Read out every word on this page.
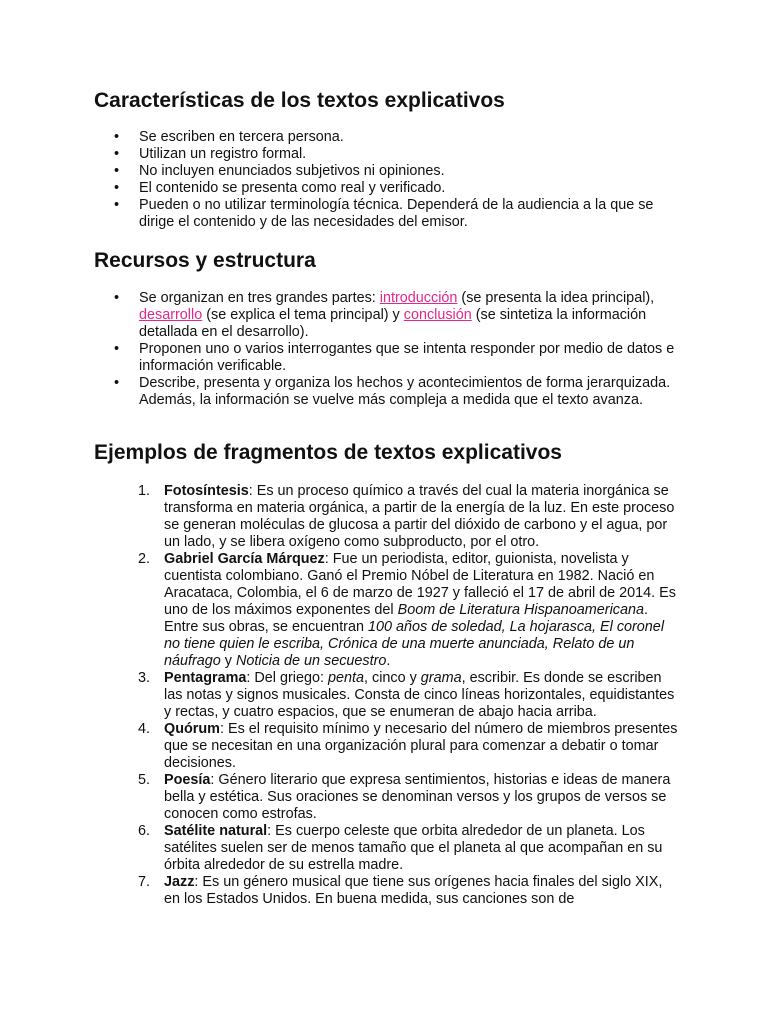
Características de los textos explicativos
• Se escriben en tercera persona.
• Utilizan un registro formal.
• No incluyen enunciados subjetivos ni opiniones.
• El contenido se presenta como real y verificado.
• Pueden o no utilizar terminología técnica. Dependerá de la audiencia a la que se dirige el contenido y de las necesidades del emisor.
Recursos y estructura
• Se organizan en tres grandes partes: introducción (se presenta la idea principal), desarrollo (se explica el tema principal) y conclusión (se sintetiza la información detallada en el desarrollo).
• Proponen uno o varios interrogantes que se intenta responder por medio de datos e información verificable.
• Describe, presenta y organiza los hechos y acontecimientos de forma jerarquizada. Además, la información se vuelve más compleja a medida que el texto avanza.
Ejemplos de fragmentos de textos explicativos
1. Fotosíntesis: Es un proceso químico a través del cual la materia inorgánica se transforma en materia orgánica, a partir de la energía de la luz. En este proceso se generan moléculas de glucosa a partir del dióxido de carbono y el agua, por un lado, y se libera oxígeno como subproducto, por el otro.
2. Gabriel García Márquez: Fue un periodista, editor, guionista, novelista y cuentista colombiano. Ganó el Premio Nóbel de Literatura en 1982. Nació en Aracataca, Colombia, el 6 de marzo de 1927 y falleció el 17 de abril de 2014. Es uno de los máximos exponentes del Boom de Literatura Hispanoamericana. Entre sus obras, se encuentran 100 años de soledad, La hojarasca, El coronel no tiene quien le escriba, Crónica de una muerte anunciada, Relato de un náufrago y Noticia de un secuestro.
3. Pentagrama: Del griego: penta, cinco y grama, escribir. Es donde se escriben las notas y signos musicales. Consta de cinco líneas horizontales, equidistantes y rectas, y cuatro espacios, que se enumeran de abajo hacia arriba.
4. Quórum: Es el requisito mínimo y necesario del número de miembros presentes que se necesitan en una organización plural para comenzar a debatir o tomar decisiones.
5. Poesía: Género literario que expresa sentimientos, historias e ideas de manera bella y estética. Sus oraciones se denominan versos y los grupos de versos se conocen como estrofas.
6. Satélite natural: Es cuerpo celeste que orbita alrededor de un planeta. Los satélites suelen ser de menos tamaño que el planeta al que acompañan en su órbita alrededor de su estrella madre.
7. Jazz: Es un género musical que tiene sus orígenes hacia finales del siglo XIX, en los Estados Unidos. En buena medida, sus canciones son de
